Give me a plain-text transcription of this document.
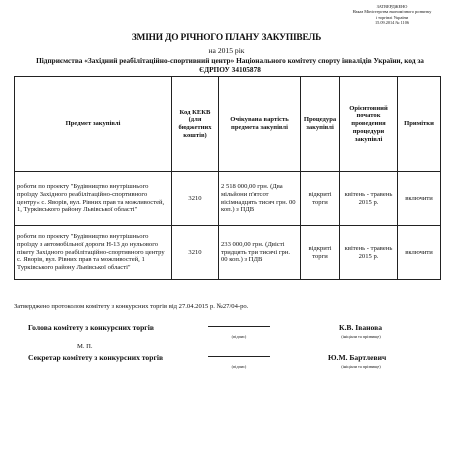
ЗАТВЕРДЖЕНО
Наказ Міністерства економічного розвитку
і торгівлі України
15.09.2014 № 1106
ЗМІНИ ДО РІЧНОГО ПЛАНУ ЗАКУПІВЕЛЬ
на 2015 рік
Підприємства «Західний реабілітаційно-спортивний центр» Національного комітету спорту інвалідів України, код за ЄДРПОУ 34105878
Предмет закупівлі	Код КЕКВ (для бюджетних коштів)	Очікувана вартість предмета закупівлі	Процедура закупівлі	Орієнтовний початок проведення процедури закупівлі	Примітки
роботи по проекту "Будівництво внутрішнього проїзду Західного реабілітаційно-спортивного центру« с. Яворів, вул. Рівних прав та можливостей, 1, Турківського району Львівської області"	3210	2 518 000,00 грн. (Два мільйони п'ятсот вісімнадцять тисяч грн. 00 коп.) з ПДВ	відкриті торги	квітень - травень 2015 р.	включити
роботи по проекту "Будівництво внутрішнього проїзду з автомобільної дороги Н-13 до нульового пікету Західного реабілітаційно-спортивного центру с. Яворів, вул. Рівних прав та можливостей, 1 Турківського району Львівської області"	3210	233 000,00 грн. (Двісті тридцять три тисячі грн. 00 коп.) з ПДВ	відкриті торги	квітень - травень 2015 р.	включити
Затверджено протоколом комітету з конкурсних торгів від 27.04.2015 р. №27/04-ро.
Голова комітету з конкурсних торгів
(підпис)
К.В. Іванова
(ініціали та прізвище)
М. П.
Секретар комітету з конкурсних торгів
(підпис)
Ю.М. Бартлевич
(ініціали та прізвище)
